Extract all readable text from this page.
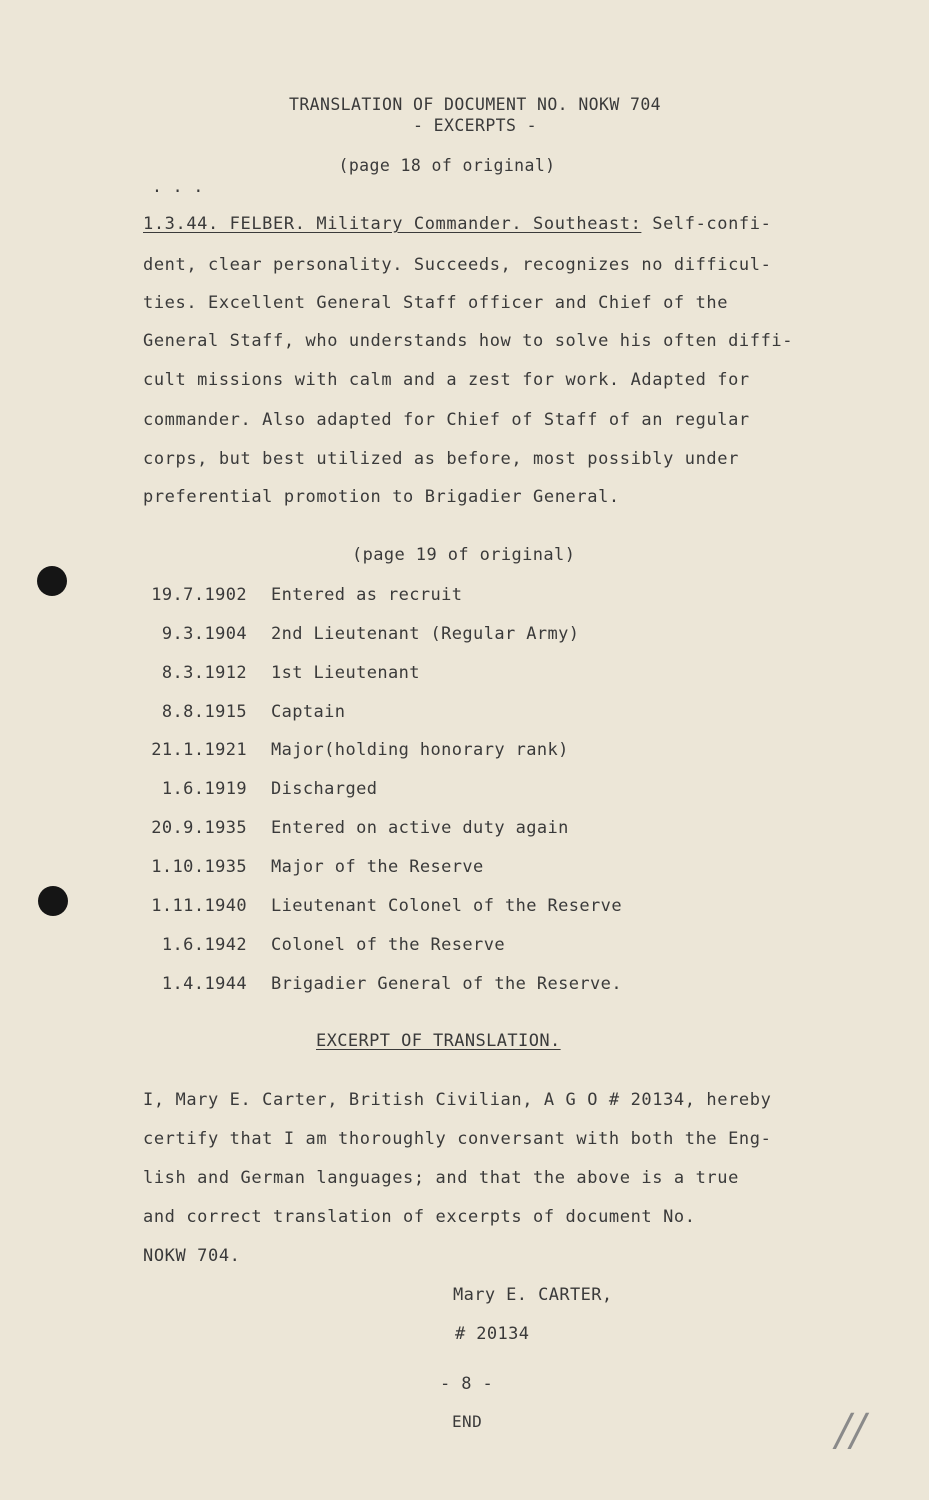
TRANSLATION OF DOCUMENT NO. NOKW 704
- EXCERPTS -
(page 18 of original)
. . .
1.3.44. FELBER. Military Commander. Southeast: Self-confi-
dent, clear personality. Succeeds, recognizes no difficul-
ties. Excellent General Staff officer and Chief of the
General Staff, who understands how to solve his often diffi-
cult missions with calm and a zest for work. Adapted for
commander. Also adapted for Chief of Staff of an regular
corps, but best utilized as before, most possibly under
preferential promotion to Brigadier General.
(page 19 of original)
19.7.1902 Entered as recruit
9.3.1904 2nd Lieutenant (Regular Army)
8.3.1912 1st Lieutenant
8.8.1915 Captain
21.1.1921 Major(holding honorary rank)
1.6.1919 Discharged
20.9.1935 Entered on active duty again
1.10.1935 Major of the Reserve
1.11.1940 Lieutenant Colonel of the Reserve
1.6.1942 Colonel of the Reserve
1.4.1944 Brigadier General of the Reserve.
EXCERPT OF TRANSLATION.
I, Mary E. Carter, British Civilian, A G O # 20134, hereby
certify that I am thoroughly conversant with both the Eng-
lish and German languages; and that the above is a true
and correct translation of excerpts of document No.
NOKW 704.
Mary E. CARTER,
# 20134
- 8 -
END	//
